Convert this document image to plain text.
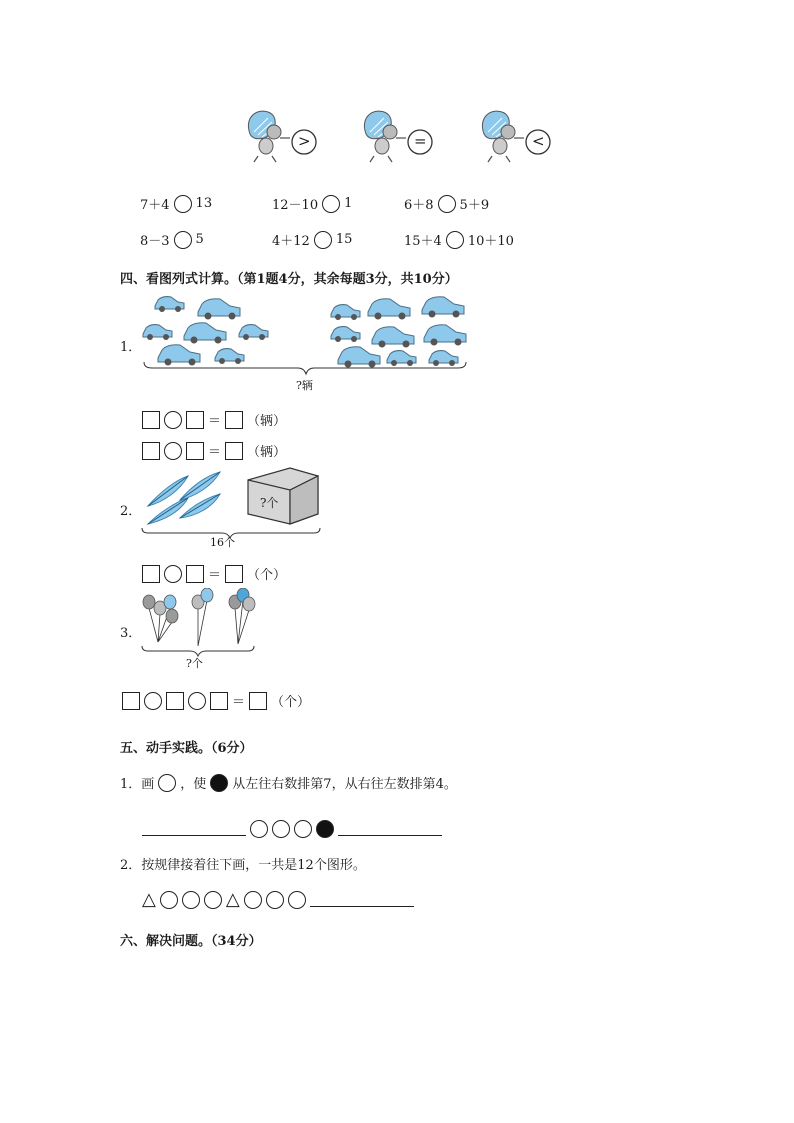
>	=	<
7＋4 13	12－10 1	6＋8 5＋9
8－3 5	4＋12 15	15＋4 10＋10
四、看图列式计算。（第1题4分，其余每题3分，共10分）
1．
?辆
＝ （辆）
＝ （辆）
2．
?个
16个
＝ （个）
3．
?个
＝ （个）
五、动手实践。（6分）
1．画 ，使 从左往右数排第7，从右往左数排第4。
2．按规律接着往下画，一共是12个图形。
△	△
六、解决问题。（34分）
